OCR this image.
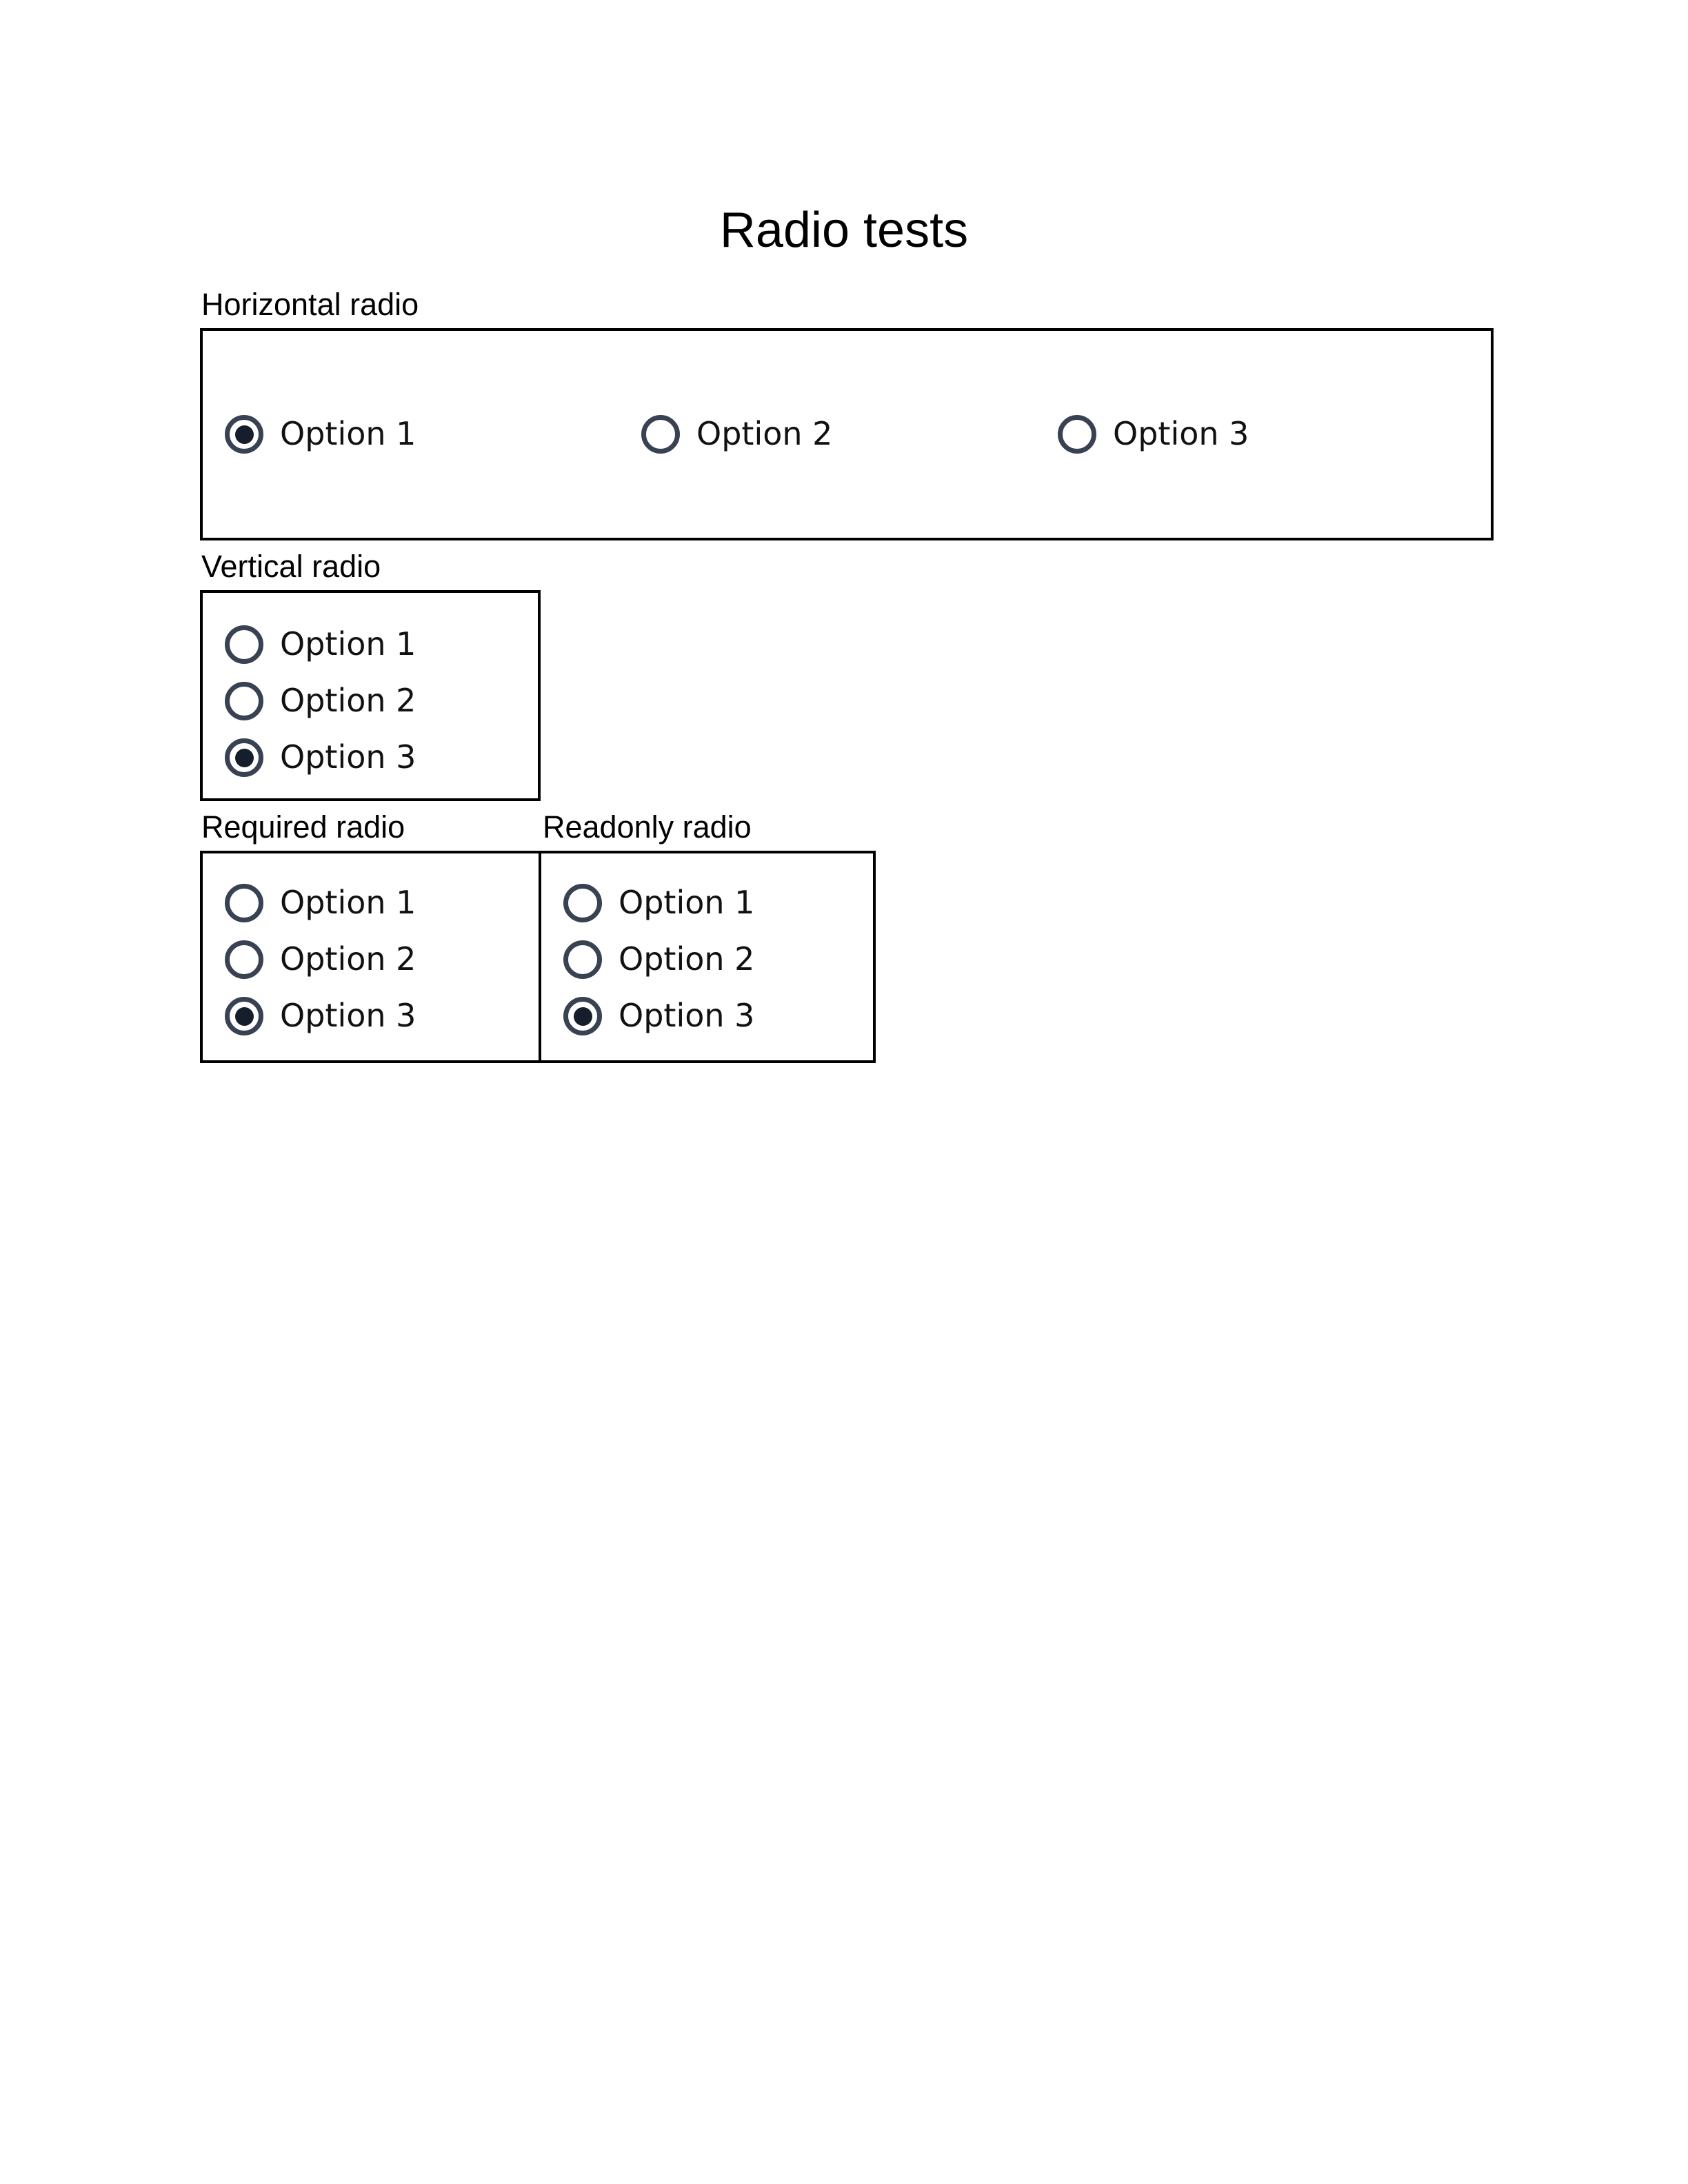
Radio tests
Horizontal radio
Option 1	Option 2	Option 3
Vertical radio
Option 1
Option 2
Option 3
Required radio
Option 1
Option 2
Option 3
Readonly radio
Option 1
Option 2
Option 3
